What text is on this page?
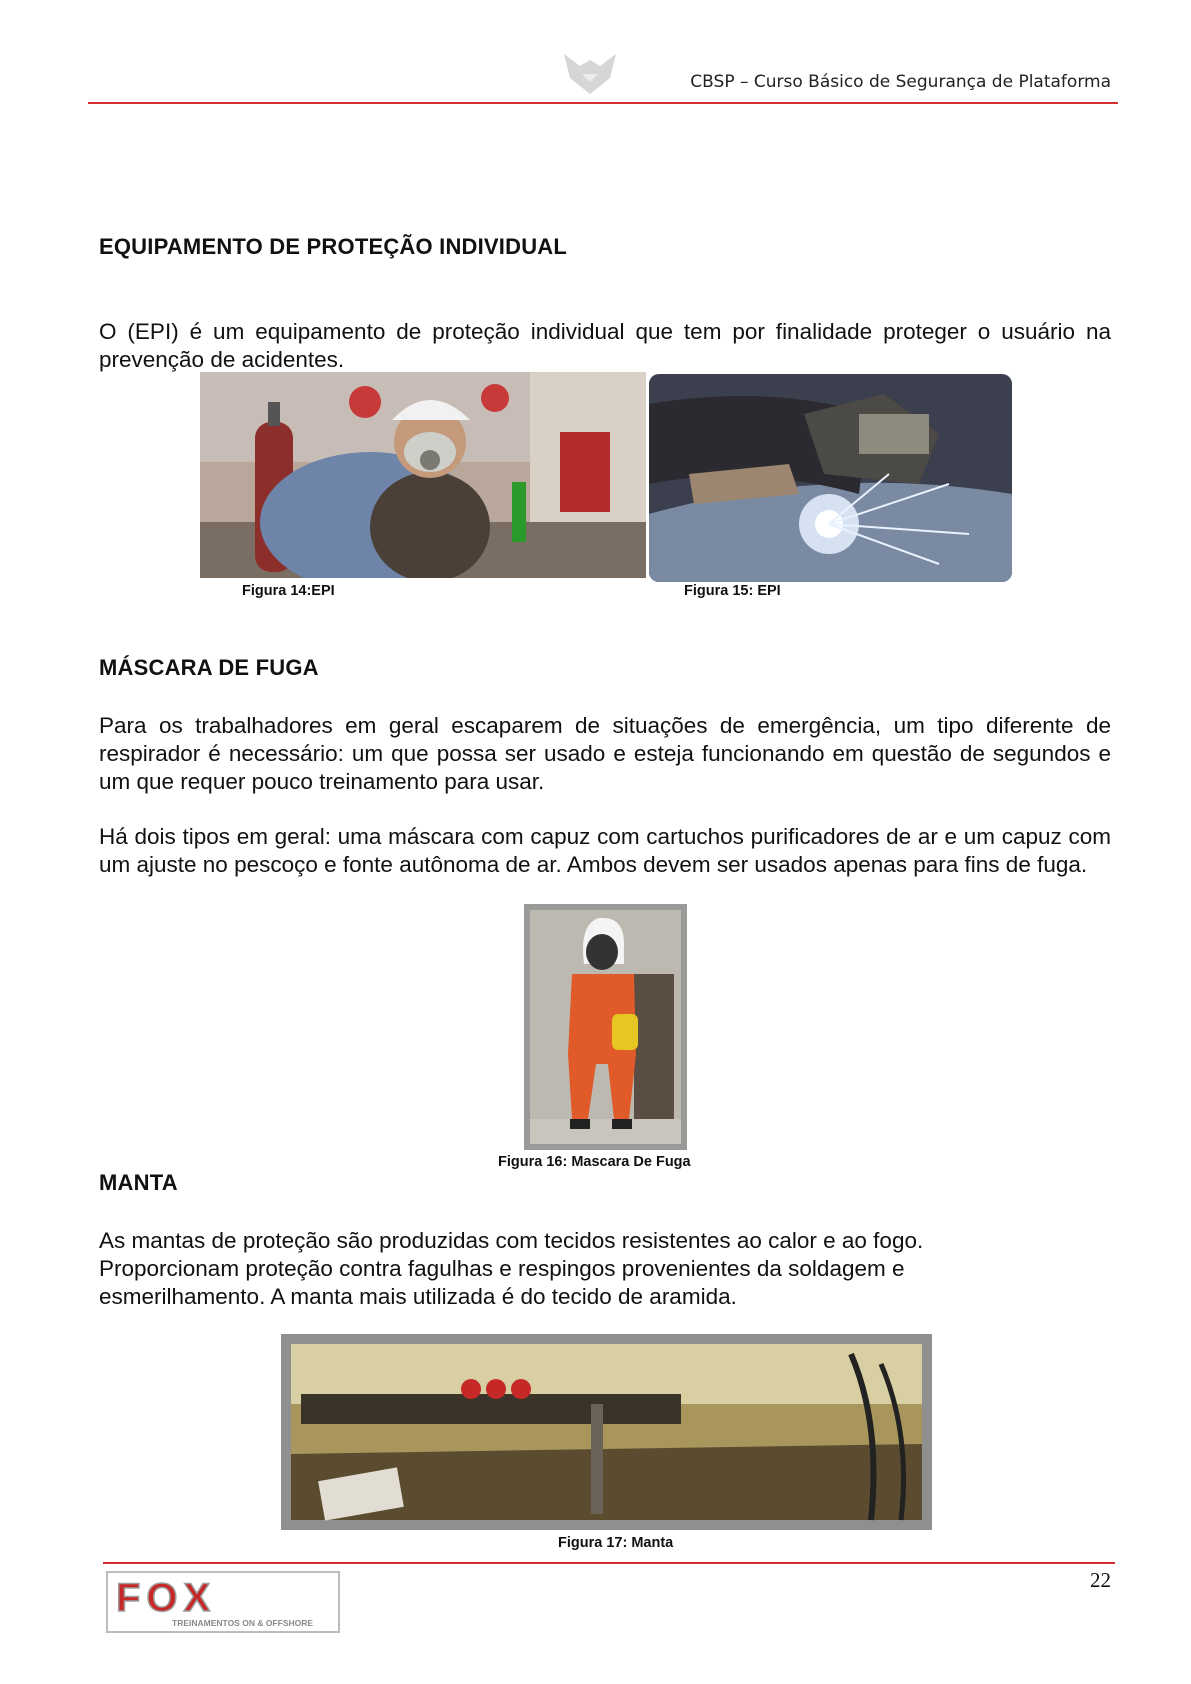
CBSP – Curso Básico de Segurança de Plataforma
EQUIPAMENTO DE PROTEÇÃO INDIVIDUAL
O (EPI) é um equipamento de proteção individual que tem por finalidade proteger o usuário na prevenção de acidentes.
Figura 14:EPI	Figura 15: EPI
MÁSCARA DE FUGA
Para os trabalhadores em geral escaparem de situações de emergência, um tipo diferente de respirador é necessário: um que possa ser usado e esteja funcionando em questão de segundos e um que requer pouco treinamento para usar.
Há dois tipos em geral: uma máscara com capuz com cartuchos purificadores de ar e um capuz com um ajuste no pescoço e fonte autônoma de ar. Ambos devem ser usados apenas para fins de fuga.
Figura 16: Mascara De Fuga
MANTA
As mantas de proteção são produzidas com tecidos resistentes ao calor e ao fogo.
Proporcionam proteção contra fagulhas e respingos provenientes da soldagem e
esmerilhamento. A manta mais utilizada é do tecido de aramida.
Figura 17: Manta
22
FOX
TREINAMENTOS ON & OFFSHORE
